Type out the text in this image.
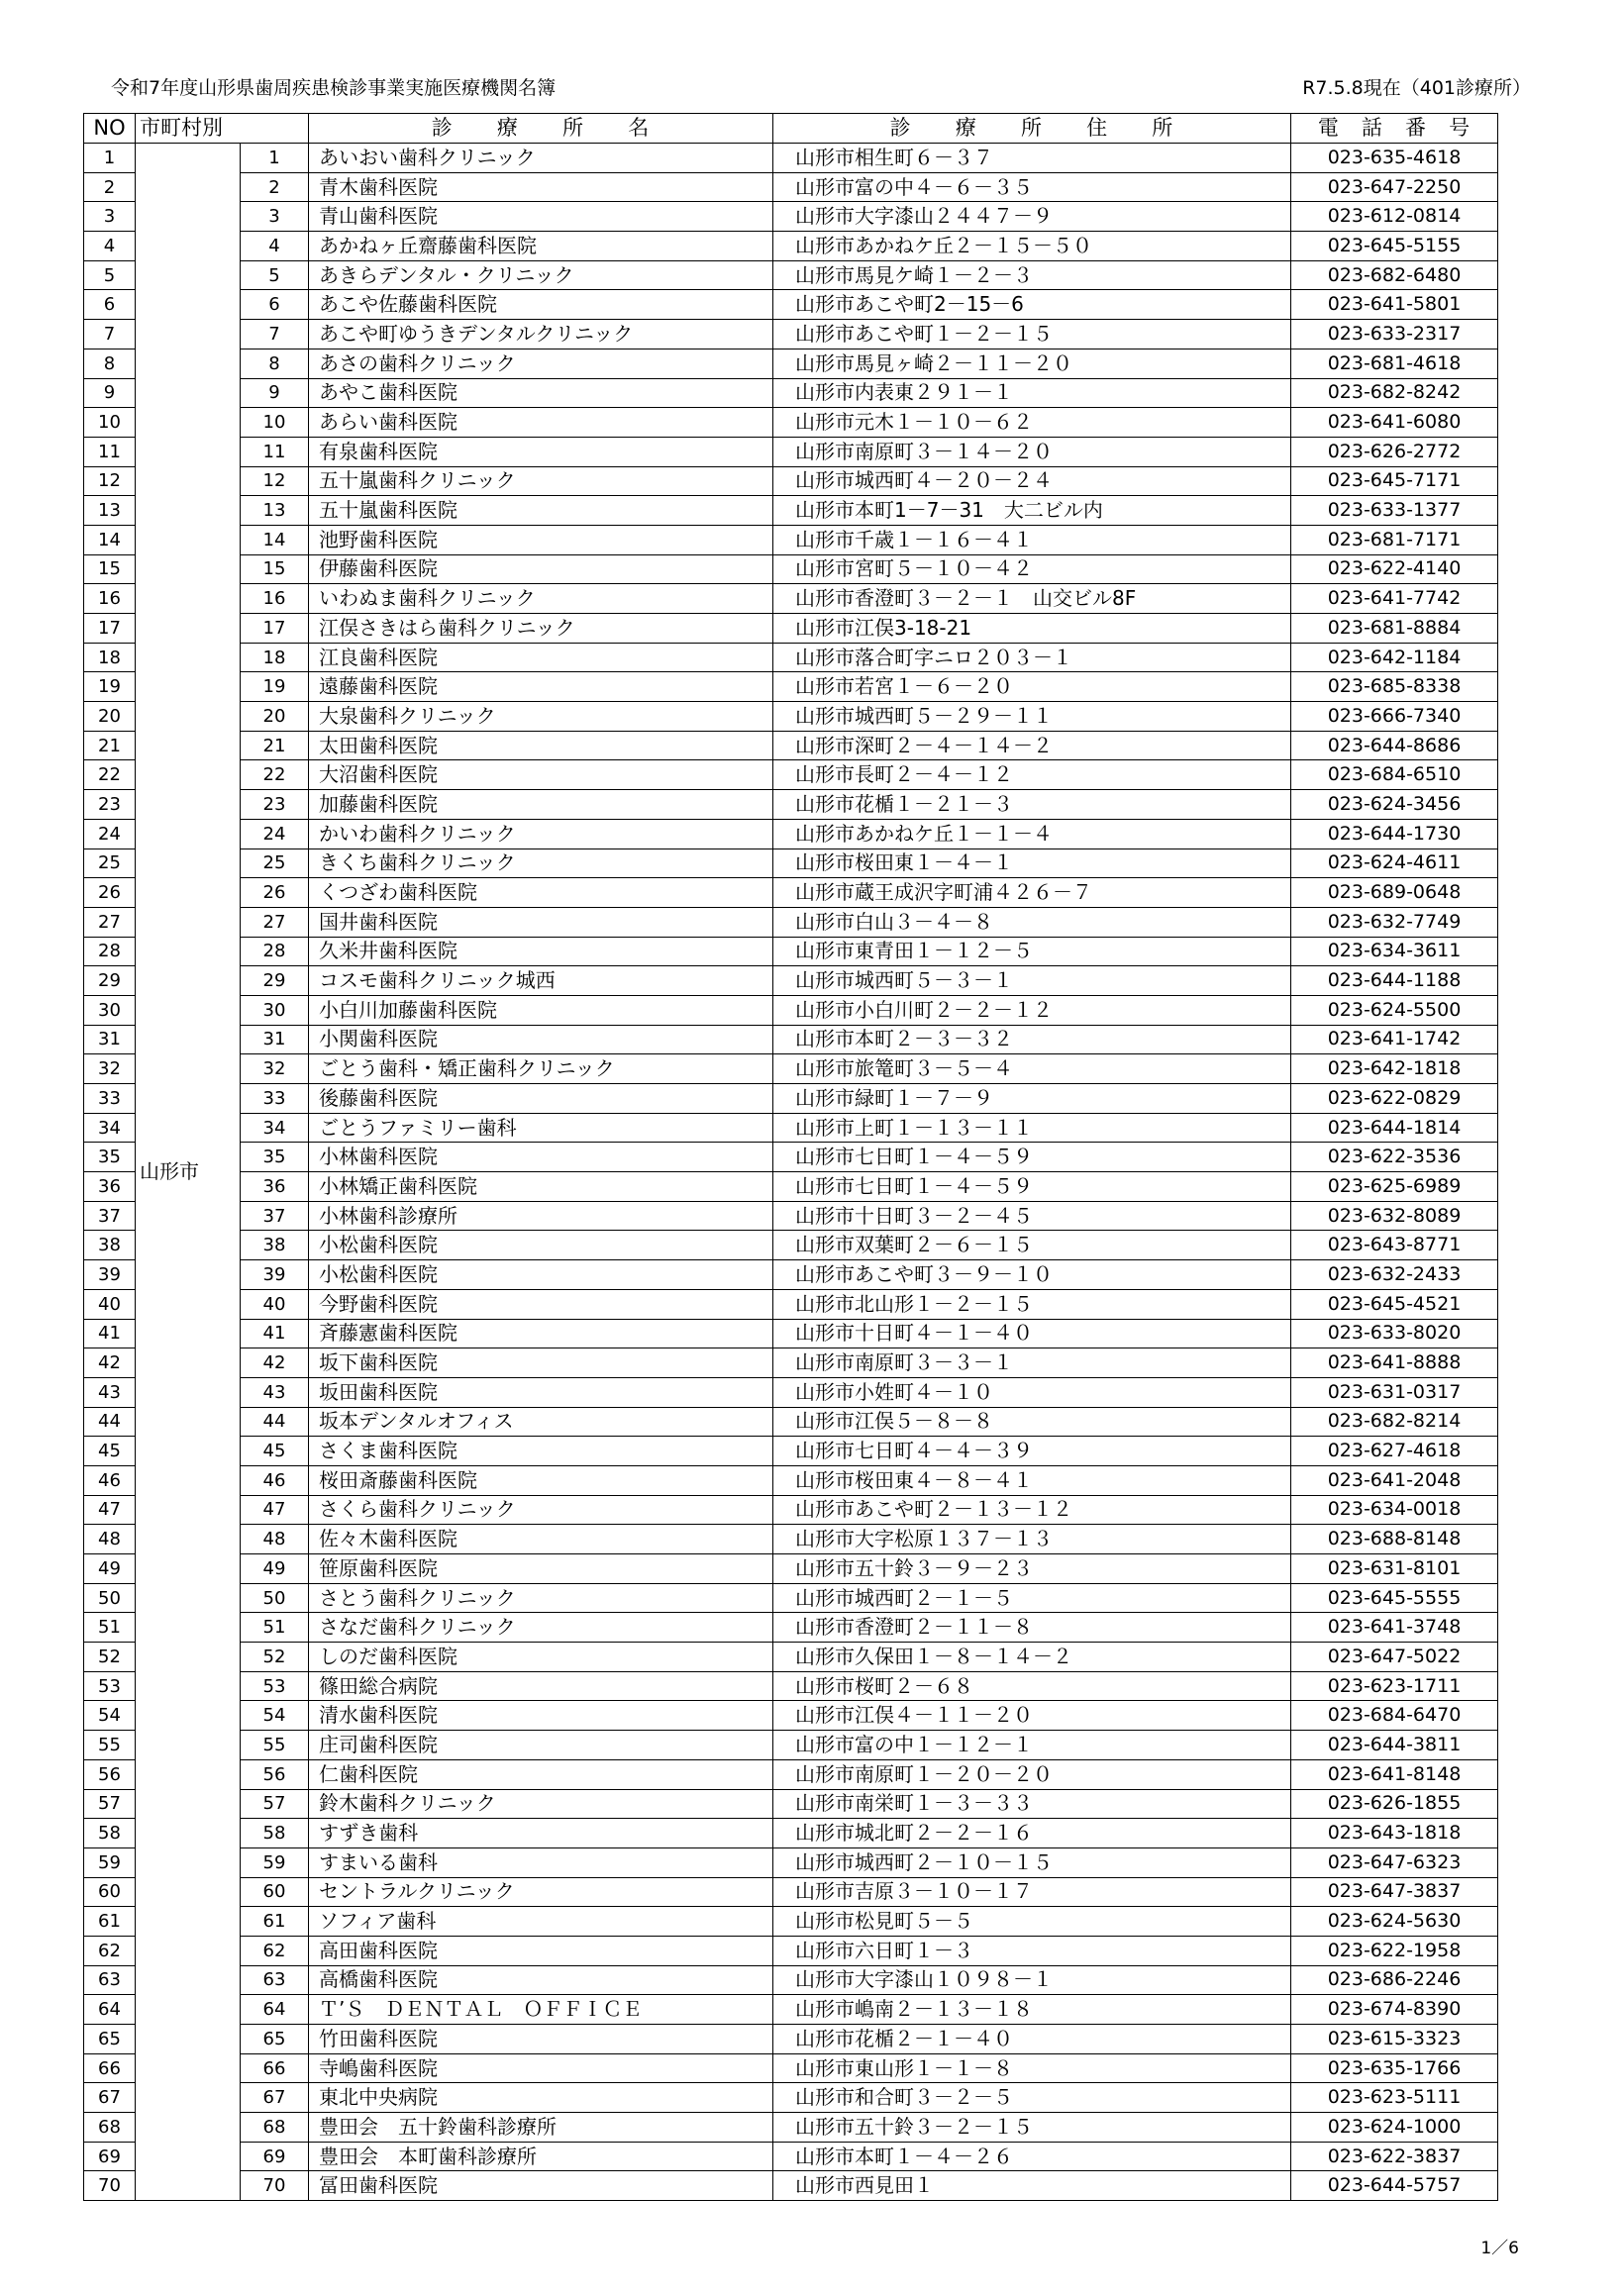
令和7年度山形県歯周疾患検診事業実施医療機関名簿	R7.5.8現在（401診療所）
NO	市町村別		診　　療　　所　　名	診　　療　　所　　住　　所	電　話　番　号
1	山形市	1	あいおい歯科クリニック	山形市相生町６－３７	023-635-4618
2		2	青木歯科医院	山形市富の中４－６－３５	023-647-2250
3		3	青山歯科医院	山形市大字漆山２４４７－９	023-612-0814
4		4	あかねヶ丘齋藤歯科医院	山形市あかねケ丘２－１５－５０	023-645-5155
5		5	あきらデンタル・クリニック	山形市馬見ケ崎１－２－３	023-682-6480
6		6	あこや佐藤歯科医院	山形市あこや町2－15－6	023-641-5801
7		7	あこや町ゆうきデンタルクリニック	山形市あこや町１－２－１５	023-633-2317
8		8	あさの歯科クリニック	山形市馬見ヶ崎２－１１－２０	023-681-4618
9		9	あやこ歯科医院	山形市内表東２９１－１	023-682-8242
10		10	あらい歯科医院	山形市元木１－１０－６２	023-641-6080
11		11	有泉歯科医院	山形市南原町３－１４－２０	023-626-2772
12		12	五十嵐歯科クリニック	山形市城西町４－２０－２４	023-645-7171
13		13	五十嵐歯科医院	山形市本町1－7－31　大二ビル内	023-633-1377
14		14	池野歯科医院	山形市千歳１－１６－４１	023-681-7171
15		15	伊藤歯科医院	山形市宮町５－１０－４２	023-622-4140
16		16	いわぬま歯科クリニック	山形市香澄町３－２－１　山交ビル8F	023-641-7742
17		17	江俣さきはら歯科クリニック	山形市江俣3-18-21	023-681-8884
18		18	江良歯科医院	山形市落合町字ニロ２０３－１	023-642-1184
19		19	遠藤歯科医院	山形市若宮１－６－２０	023-685-8338
20		20	大泉歯科クリニック	山形市城西町５－２９－１１	023-666-7340
21		21	太田歯科医院	山形市深町２－４－１４－２	023-644-8686
22		22	大沼歯科医院	山形市長町２－４－１２	023-684-6510
23		23	加藤歯科医院	山形市花楯１－２１－３	023-624-3456
24		24	かいわ歯科クリニック	山形市あかねケ丘１－１－４	023-644-1730
25		25	きくち歯科クリニック	山形市桜田東１－４－１	023-624-4611
26		26	くつざわ歯科医院	山形市蔵王成沢字町浦４２６－７	023-689-0648
27		27	国井歯科医院	山形市白山３－４－８	023-632-7749
28		28	久米井歯科医院	山形市東青田１－１２－５	023-634-3611
29		29	コスモ歯科クリニック城西	山形市城西町５－３－１	023-644-1188
30		30	小白川加藤歯科医院	山形市小白川町２－２－１２	023-624-5500
31		31	小関歯科医院	山形市本町２－３－３２	023-641-1742
32		32	ごとう歯科・矯正歯科クリニック	山形市旅篭町３－５－４	023-642-1818
33		33	後藤歯科医院	山形市緑町１－７－９	023-622-0829
34		34	ごとうファミリー歯科	山形市上町１－１３－１１	023-644-1814
35		35	小林歯科医院	山形市七日町１－４－５９	023-622-3536
36		36	小林矯正歯科医院	山形市七日町１－４－５９	023-625-6989
37		37	小林歯科診療所	山形市十日町３－２－４５	023-632-8089
38		38	小松歯科医院	山形市双葉町２－６－１５	023-643-8771
39		39	小松歯科医院	山形市あこや町３－９－１０	023-632-2433
40		40	今野歯科医院	山形市北山形１－２－１５	023-645-4521
41		41	斉藤憲歯科医院	山形市十日町４－１－４０	023-633-8020
42		42	坂下歯科医院	山形市南原町３－３－１	023-641-8888
43		43	坂田歯科医院	山形市小姓町４－１０	023-631-0317
44		44	坂本デンタルオフィス	山形市江俣５－８－８	023-682-8214
45		45	さくま歯科医院	山形市七日町４－４－３９	023-627-4618
46		46	桜田斎藤歯科医院	山形市桜田東４－８－４１	023-641-2048
47		47	さくら歯科クリニック	山形市あこや町２－１３－１２	023-634-0018
48		48	佐々木歯科医院	山形市大字松原１３７－１３	023-688-8148
49		49	笹原歯科医院	山形市五十鈴３－９－２３	023-631-8101
50		50	さとう歯科クリニック	山形市城西町２－１－５	023-645-5555
51		51	さなだ歯科クリニック	山形市香澄町２－１１－８	023-641-3748
52		52	しのだ歯科医院	山形市久保田１－８－１４－２	023-647-5022
53		53	篠田総合病院	山形市桜町２－６８	023-623-1711
54		54	清水歯科医院	山形市江俣４－１１－２０	023-684-6470
55		55	庄司歯科医院	山形市富の中１－１２－１	023-644-3811
56		56	仁歯科医院	山形市南原町１－２０－２０	023-641-8148
57		57	鈴木歯科クリニック	山形市南栄町１－３－３３	023-626-1855
58		58	すずき歯科	山形市城北町２－２－１６	023-643-1818
59		59	すまいる歯科	山形市城西町２－１０－１５	023-647-6323
60		60	セントラルクリニック	山形市吉原３－１０－１７	023-647-3837
61		61	ソフィア歯科	山形市松見町５－５	023-624-5630
62		62	高田歯科医院	山形市六日町１－３	023-622-1958
63		63	高橋歯科医院	山形市大字漆山１０９８－１	023-686-2246
64		64	Ｔ’Ｓ　ＤＥＮＴＡＬ　ＯＦＦＩＣＥ	山形市嶋南２－１３－１８	023-674-8390
65		65	竹田歯科医院	山形市花楯２－１－４０	023-615-3323
66		66	寺嶋歯科医院	山形市東山形１－１－８	023-635-1766
67		67	東北中央病院	山形市和合町３－２－５	023-623-5111
68		68	豊田会　五十鈴歯科診療所	山形市五十鈴３－２－１５	023-624-1000
69		69	豊田会　本町歯科診療所	山形市本町１－４－２６	023-622-3837
70		70	冨田歯科医院	山形市西見田１	023-644-5757
1／6
